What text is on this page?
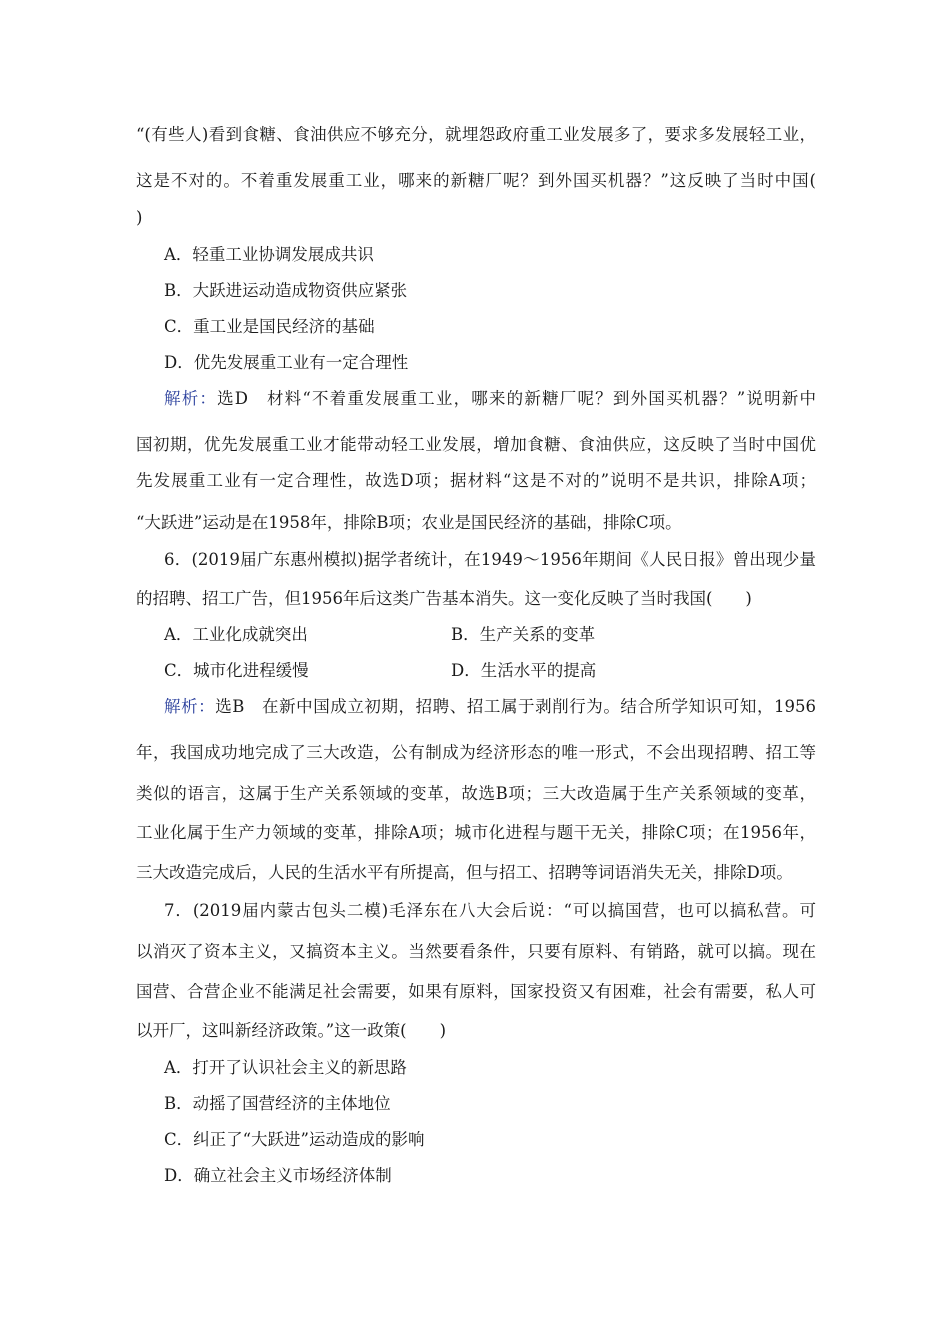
“(有些人)看到食糖、食油供应不够充分，就埋怨政府重工业发展多了，要求多发展轻工业，
这是不对的。不着重发展重工业，哪来的新糖厂呢？到外国买机器？”这反映了当时中国(
)
A．轻重工业协调发展成共识
B．大跃进运动造成物资供应紧张
C．重工业是国民经济的基础
D．优先发展重工业有一定合理性
解析：选D　材料“不着重发展重工业，哪来的新糖厂呢？到外国买机器？”说明新中
国初期，优先发展重工业才能带动轻工业发展，增加食糖、食油供应，这反映了当时中国优
先发展重工业有一定合理性，故选D项；据材料“这是不对的”说明不是共识，排除A项；
“大跃进”运动是在1958年，排除B项；农业是国民经济的基础，排除C项。
6．(2019届广东惠州模拟)据学者统计，在1949～1956年期间《人民日报》曾出现少量
的招聘、招工广告，但1956年后这类广告基本消失。这一变化反映了当时我国(　　)
A．工业化成就突出	B．生产关系的变革
C．城市化进程缓慢	D．生活水平的提高
解析：选B　在新中国成立初期，招聘、招工属于剥削行为。结合所学知识可知，1956
年，我国成功地完成了三大改造，公有制成为经济形态的唯一形式，不会出现招聘、招工等
类似的语言，这属于生产关系领域的变革，故选B项；三大改造属于生产关系领域的变革，
工业化属于生产力领域的变革，排除A项；城市化进程与题干无关，排除C项；在1956年，
三大改造完成后，人民的生活水平有所提高，但与招工、招聘等词语消失无关，排除D项。
7．(2019届内蒙古包头二模)毛泽东在八大会后说：“可以搞国营，也可以搞私营。可
以消灭了资本主义，又搞资本主义。当然要看条件，只要有原料、有销路，就可以搞。现在
国营、合营企业不能满足社会需要，如果有原料，国家投资又有困难，社会有需要，私人可
以开厂，这叫新经济政策。”这一政策(　　)
A．打开了认识社会主义的新思路
B．动摇了国营经济的主体地位
C．纠正了“大跃进”运动造成的影响
D．确立社会主义市场经济体制
